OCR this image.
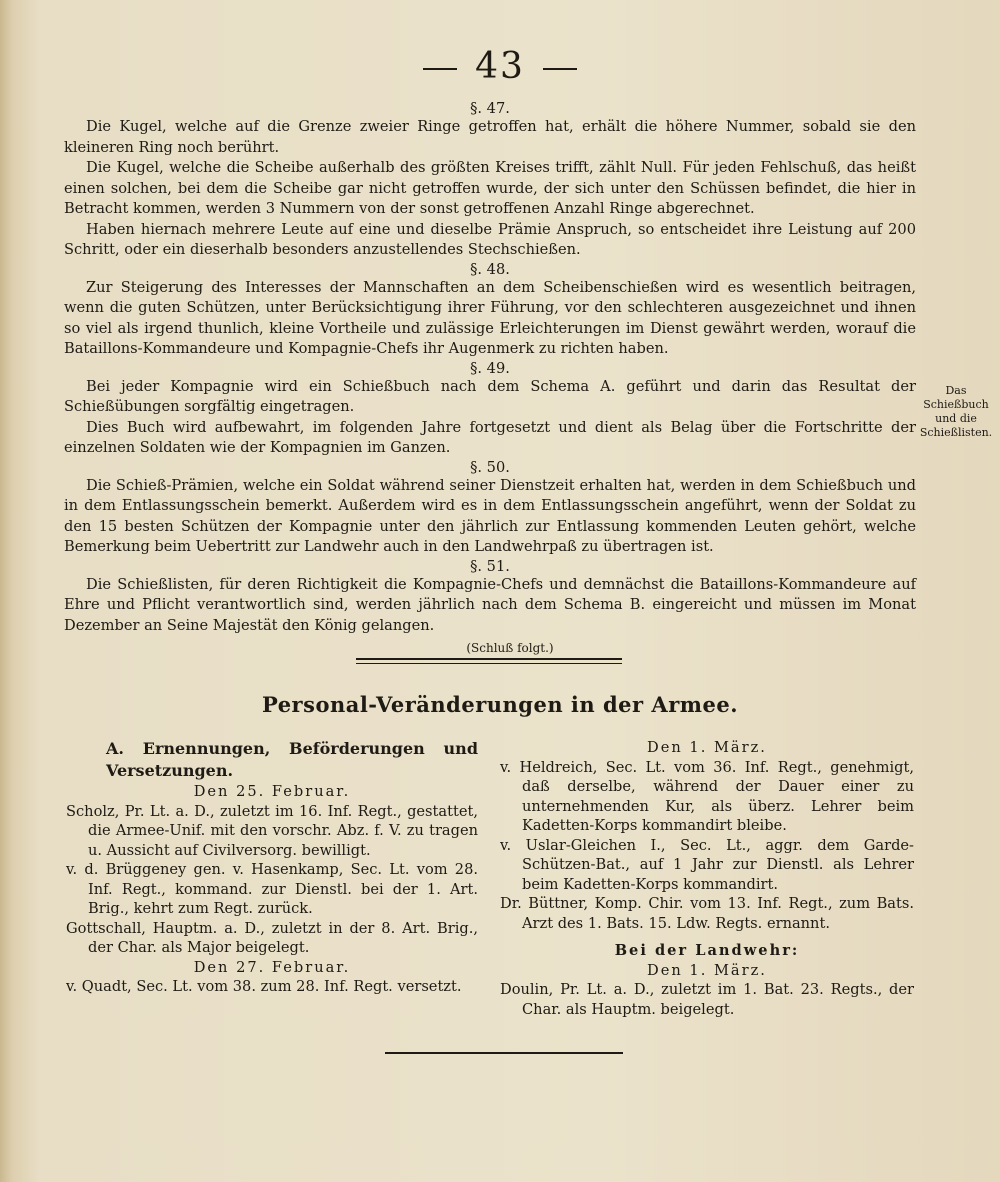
43

§. 47.

Die Kugel, welche auf die Grenze zweier Ringe getroffen hat, erhält die höhere Nummer, sobald sie den kleineren Ring noch berührt.

Die Kugel, welche die Scheibe außerhalb des größten Kreises trifft, zählt Null. Für jeden Fehlschuß, das heißt einen solchen, bei dem die Scheibe gar nicht getroffen wurde, der sich unter den Schüssen befindet, die hier in Betracht kommen, werden 3 Nummern von der sonst getroffenen Anzahl Ringe abgerechnet.

Haben hiernach mehrere Leute auf eine und dieselbe Prämie Anspruch, so entscheidet ihre Leistung auf 200 Schritt, oder ein dieserhalb besonders anzustellendes Stechschießen.

§. 48.

Zur Steigerung des Interesses der Mannschaften an dem Scheibenschießen wird es wesentlich beitragen, wenn die guten Schützen, unter Berücksichtigung ihrer Führung, vor den schlechteren ausgezeichnet und ihnen so viel als irgend thunlich, kleine Vortheile und zulässige Erleichterungen im Dienst gewährt werden, worauf die Bataillons-Kommandeure und Kompagnie-Chefs ihr Augenmerk zu richten haben.

§. 49.

Bei jeder Kompagnie wird ein Schießbuch nach dem Schema A. geführt und darin das Resultat der Schießübungen sorgfältig eingetragen.

Dies Buch wird aufbewahrt, im folgenden Jahre fortgesetzt und dient als Belag über die Fortschritte der einzelnen Soldaten wie der Kompagnien im Ganzen.

§. 50.

Die Schieß-Prämien, welche ein Soldat während seiner Dienstzeit erhalten hat, werden in dem Schießbuch und in dem Entlassungsschein bemerkt. Außerdem wird es in dem Entlassungsschein angeführt, wenn der Soldat zu den 15 besten Schützen der Kompagnie unter den jährlich zur Entlassung kommenden Leuten gehört, welche Bemerkung beim Uebertritt zur Landwehr auch in den Landwehrpaß zu übertragen ist.

§. 51.

Die Schießlisten, für deren Richtigkeit die Kompagnie-Chefs und demnächst die Bataillons-Kommandeure auf Ehre und Pflicht verantwortlich sind, werden jährlich nach dem Schema B. eingereicht und müssen im Monat Dezember an Seine Majestät den König gelangen.

(Schluß folgt.)

Das Schießbuch und die Schießlisten.
Personal-Veränderungen in der Armee.

A. Ernennungen, Beförderungen und Versetzungen.

Den 25. Februar.

Scholz, Pr. Lt. a. D., zuletzt im 16. Inf. Regt., gestattet, die Armee-Unif. mit den vorschr. Abz. f. V. zu tragen u. Aussicht auf Civilversorg. bewilligt.

v. d. Brüggeney gen. v. Hasenkamp, Sec. Lt. vom 28. Inf. Regt., kommand. zur Dienstl. bei der 1. Art. Brig., kehrt zum Regt. zurück.

Gottschall, Hauptm. a. D., zuletzt in der 8. Art. Brig., der Char. als Major beigelegt.

Den 27. Februar.

v. Quadt, Sec. Lt. vom 38. zum 28. Inf. Regt. versetzt.

Den 1. März.

v. Heldreich, Sec. Lt. vom 36. Inf. Regt., genehmigt, daß derselbe, während der Dauer einer zu unternehmenden Kur, als überz. Lehrer beim Kadetten-Korps kommandirt bleibe.

v. Uslar-Gleichen I., Sec. Lt., aggr. dem Garde-Schützen-Bat., auf 1 Jahr zur Dienstl. als Lehrer beim Kadetten-Korps kommandirt.

Dr. Büttner, Komp. Chir. vom 13. Inf. Regt., zum Bats. Arzt des 1. Bats. 15. Ldw. Regts. ernannt.

Bei der Landwehr:

Den 1. März.

Doulin, Pr. Lt. a. D., zuletzt im 1. Bat. 23. Regts., der Char. als Hauptm. beigelegt.
